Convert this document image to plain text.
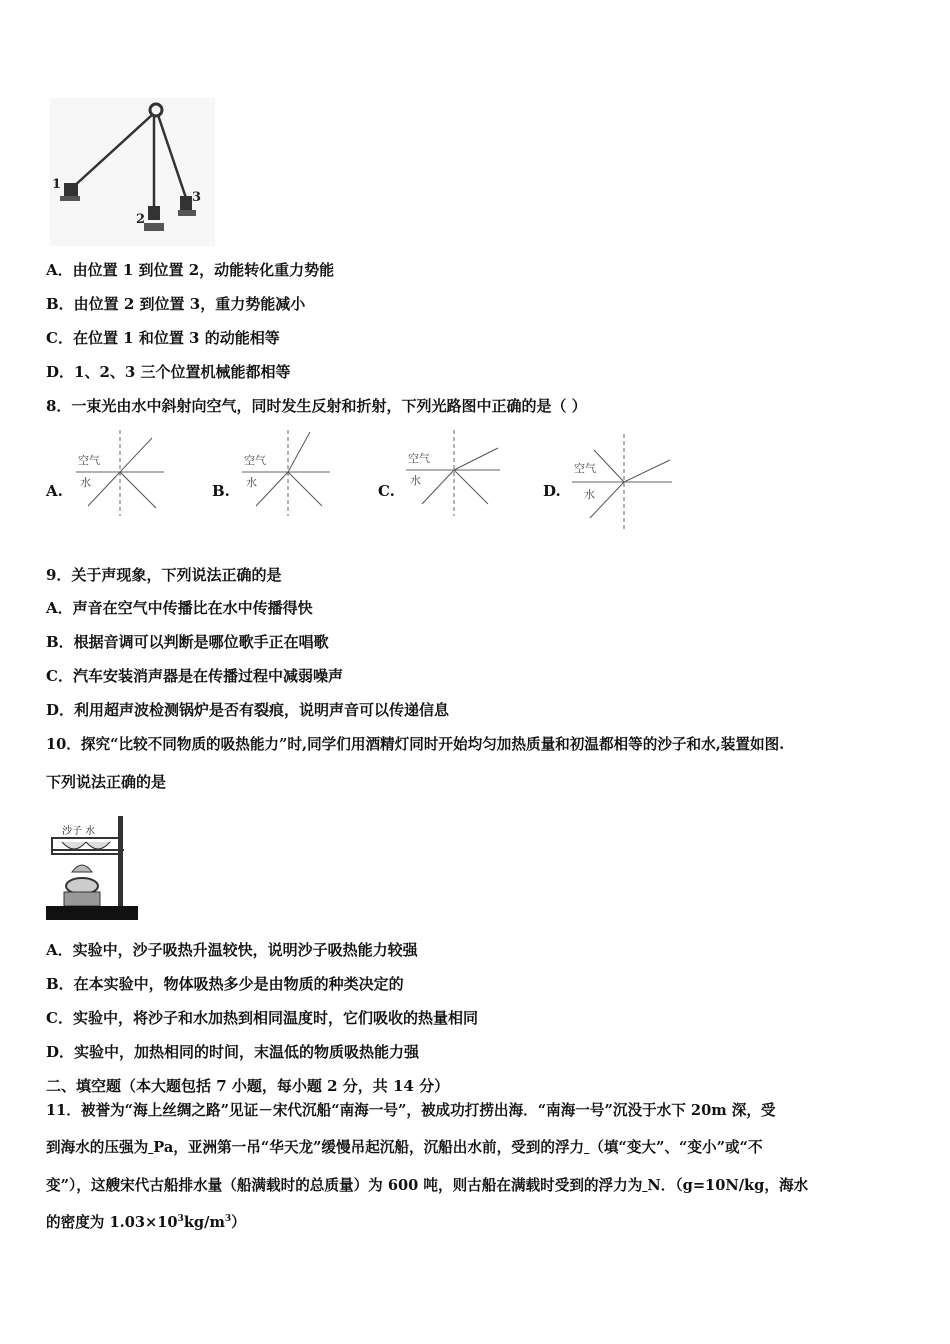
1
2
3
A．由位置 1 到位置 2，动能转化重力势能
B．由位置 2 到位置 3，重力势能减小
C．在位置 1 和位置 3 的动能相等
D．1、2、3 三个位置机械能都相等
8．一束光由水中斜射向空气，同时发生反射和折射，下列光路图中正确的是（ ）
A.
空气
水	B.
空气
水	C.
空气
水
D.
空气
水
9．关于声现象，下列说法正确的是
A．声音在空气中传播比在水中传播得快
B．根据音调可以判断是哪位歌手正在唱歌
C．汽车安装消声器是在传播过程中减弱噪声
D．利用超声波检测锅炉是否有裂痕，说明声音可以传递信息
10．探究“比较不同物质的吸热能力”时,同学们用酒精灯同时开始均匀加热质量和初温都相等的沙子和水,装置如图.
下列说法正确的是
沙子 水
A．实验中，沙子吸热升温较快，说明沙子吸热能力较强
B．在本实验中，物体吸热多少是由物质的种类决定的
C．实验中，将沙子和水加热到相同温度时，它们吸收的热量相同
D．实验中，加热相同的时间，末温低的物质吸热能力强
二、填空题（本大题包括 7 小题，每小题 2 分，共 14 分）
11．被誉为“海上丝绸之路”见证－宋代沉船“南海一号”，被成功打捞出海．“南海一号”沉没于水下 20m 深，受
到海水的压强为 Pa，亚洲第一吊“华天龙”缓慢吊起沉船，沉船出水前，受到的浮力 （填“变大”、“变小”或“不
变”），这艘宋代古船排水量（船满载时的总质量）为 600 吨，则古船在满载时受到的浮力为 N．（g=10N/kg，海水
的密度为 $1.03\times 10^3kg/m^3$）
